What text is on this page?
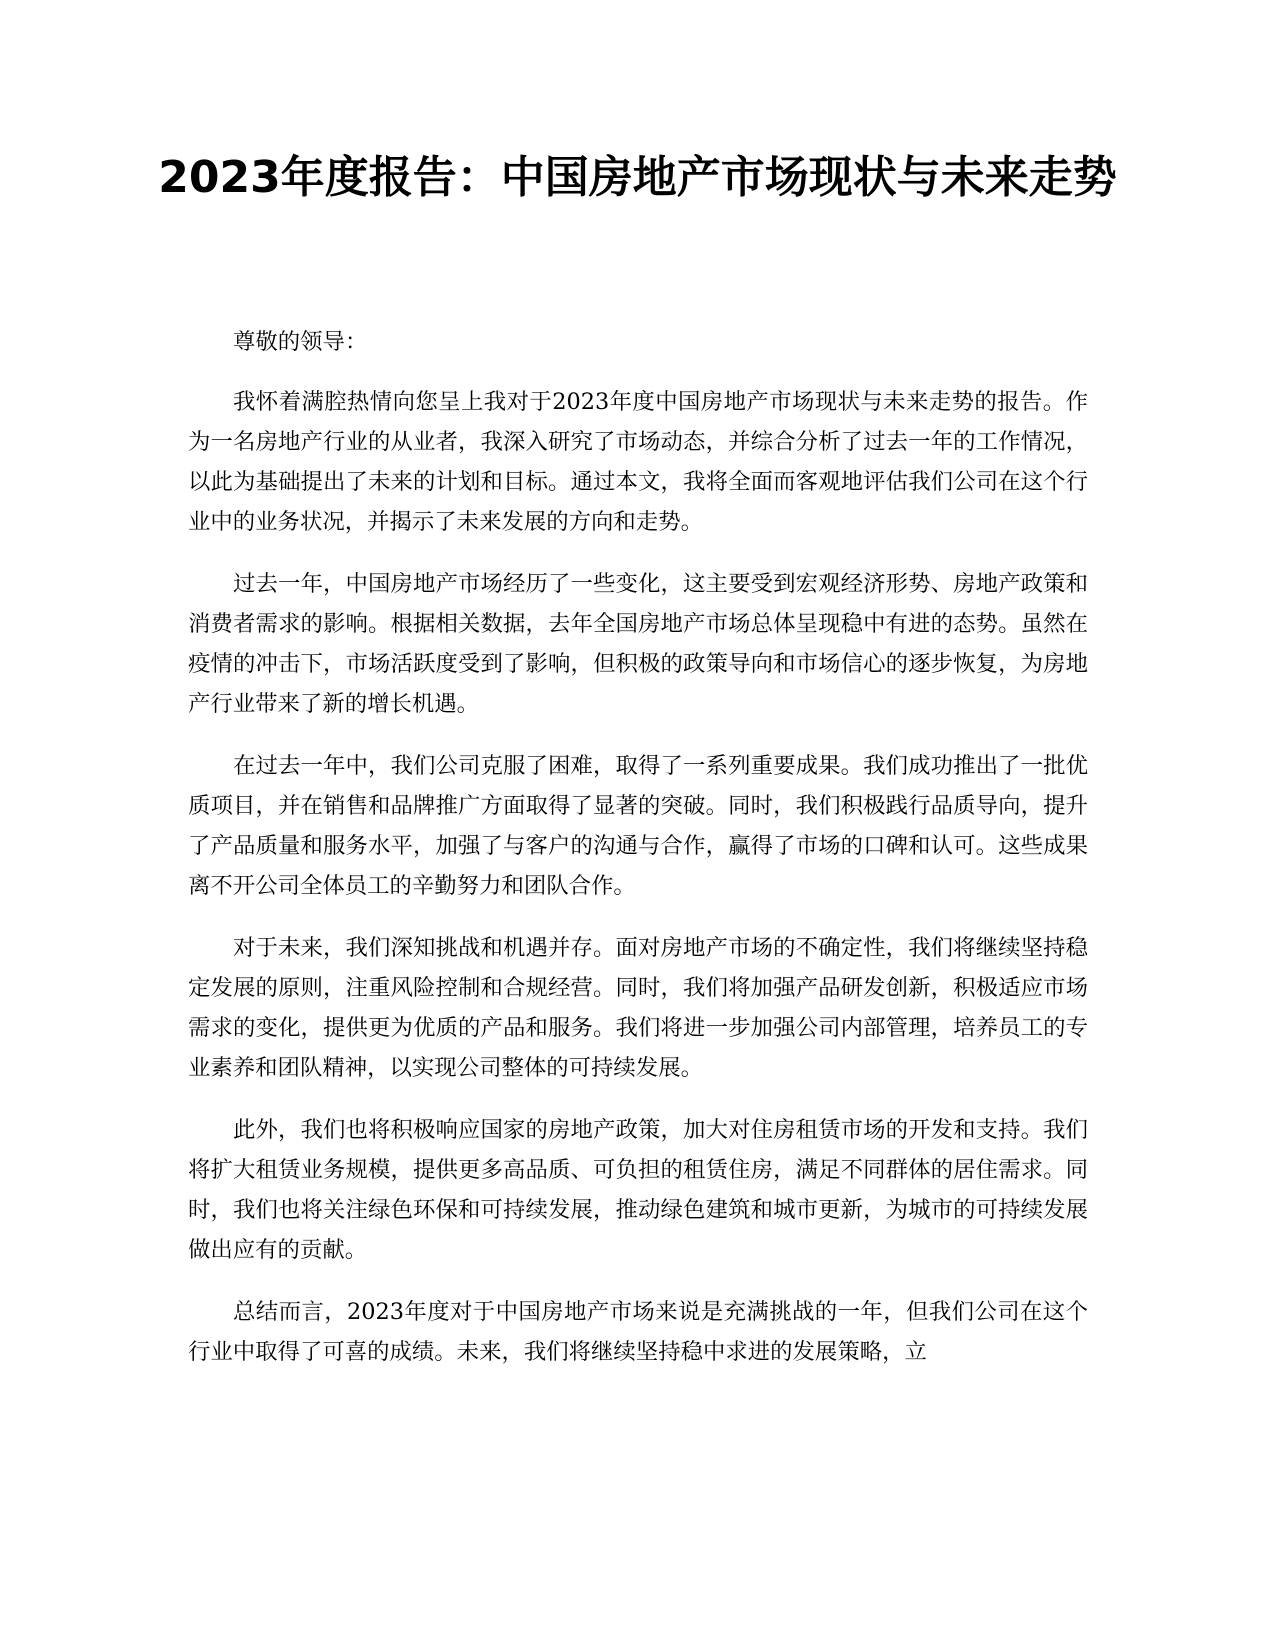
2023年度报告：中国房地产市场现状与未来走势

尊敬的领导：

我怀着满腔热情向您呈上我对于2023年度中国房地产市场现状与未来走势的报告。作为一名房地产行业的从业者，我深入研究了市场动态，并综合分析了过去一年的工作情况，以此为基础提出了未来的计划和目标。通过本文，我将全面而客观地评估我们公司在这个行业中的业务状况，并揭示了未来发展的方向和走势。

过去一年，中国房地产市场经历了一些变化，这主要受到宏观经济形势、房地产政策和消费者需求的影响。根据相关数据，去年全国房地产市场总体呈现稳中有进的态势。虽然在疫情的冲击下，市场活跃度受到了影响，但积极的政策导向和市场信心的逐步恢复，为房地产行业带来了新的增长机遇。

在过去一年中，我们公司克服了困难，取得了一系列重要成果。我们成功推出了一批优质项目，并在销售和品牌推广方面取得了显著的突破。同时，我们积极践行品质导向，提升了产品质量和服务水平，加强了与客户的沟通与合作，赢得了市场的口碑和认可。这些成果离不开公司全体员工的辛勤努力和团队合作。

对于未来，我们深知挑战和机遇并存。面对房地产市场的不确定性，我们将继续坚持稳定发展的原则，注重风险控制和合规经营。同时，我们将加强产品研发创新，积极适应市场需求的变化，提供更为优质的产品和服务。我们将进一步加强公司内部管理，培养员工的专业素养和团队精神，以实现公司整体的可持续发展。

此外，我们也将积极响应国家的房地产政策，加大对住房租赁市场的开发和支持。我们将扩大租赁业务规模，提供更多高品质、可负担的租赁住房，满足不同群体的居住需求。同时，我们也将关注绿色环保和可持续发展，推动绿色建筑和城市更新，为城市的可持续发展做出应有的贡献。

总结而言，2023年度对于中国房地产市场来说是充满挑战的一年，但我们公司在这个行业中取得了可喜的成绩。未来，我们将继续坚持稳中求进的发展策略，立
